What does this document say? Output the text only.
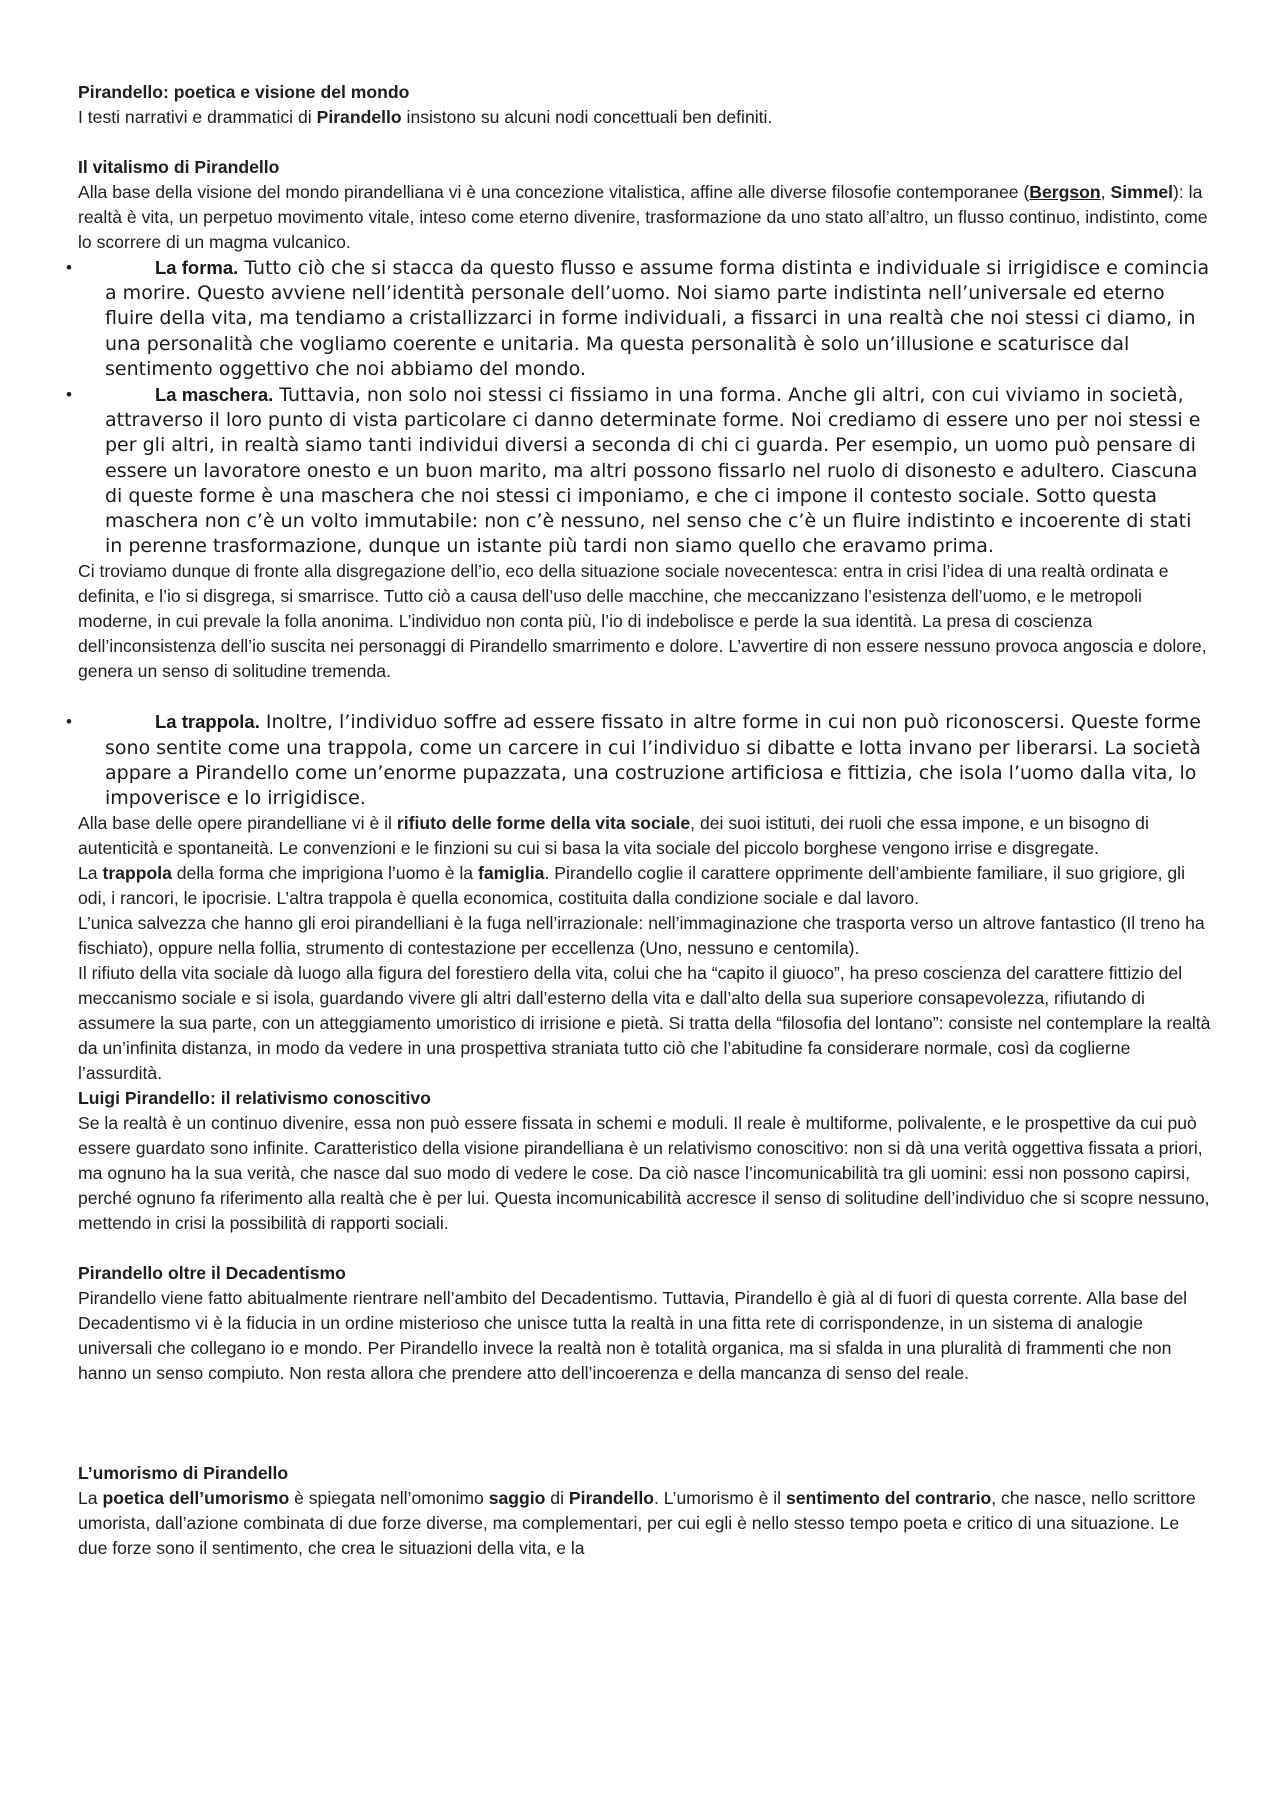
Pirandello: poetica e visione del mondo

I testi narrativi e drammatici di Pirandello insistono su alcuni nodi concettuali ben definiti.

Il vitalismo di Pirandello

Alla base della visione del mondo pirandelliana vi è una concezione vitalistica, affine alle diverse filosofie contemporanee (Bergson, Simmel): la realtà è vita, un perpetuo movimento vitale, inteso come eterno divenire, trasformazione da uno stato all’altro, un flusso continuo, indistinto, come lo scorrere di un magma vulcanico.

•	La forma. Tutto ciò che si stacca da questo flusso e assume forma distinta e individuale si irrigidisce e comincia a morire. Questo avviene nell’identità personale dell’uomo. Noi siamo parte indistinta nell’universale ed eterno fluire della vita, ma tendiamo a cristallizzarci in forme individuali, a fissarci in una realtà che noi stessi ci diamo, in una personalità che vogliamo coerente e unitaria. Ma questa personalità è solo un’illusione e scaturisce dal sentimento oggettivo che noi abbiamo del mondo.
•	La maschera. Tuttavia, non solo noi stessi ci fissiamo in una forma. Anche gli altri, con cui viviamo in società, attraverso il loro punto di vista particolare ci danno determinate forme. Noi crediamo di essere uno per noi stessi e per gli altri, in realtà siamo tanti individui diversi a seconda di chi ci guarda. Per esempio, un uomo può pensare di essere un lavoratore onesto e un buon marito, ma altri possono fissarlo nel ruolo di disonesto e adultero. Ciascuna di queste forme è una maschera che noi stessi ci imponiamo, e che ci impone il contesto sociale. Sotto questa maschera non c’è un volto immutabile: non c’è nessuno, nel senso che c’è un fluire indistinto e incoerente di stati in perenne trasformazione, dunque un istante più tardi non siamo quello che eravamo prima.

Ci troviamo dunque di fronte alla disgregazione dell’io, eco della situazione sociale novecentesca: entra in crisi l’idea di una realtà ordinata e definita, e l’io si disgrega, si smarrisce. Tutto ciò a causa dell’uso delle macchine, che meccanizzano l’esistenza dell’uomo, e le metropoli moderne, in cui prevale la folla anonima. L’individuo non conta più, l’io di indebolisce e perde la sua identità. La presa di coscienza dell’inconsistenza dell’io suscita nei personaggi di Pirandello smarrimento e dolore. L’avvertire di non essere nessuno provoca angoscia e dolore, genera un senso di solitudine tremenda.

•	La trappola. Inoltre, l’individuo soffre ad essere fissato in altre forme in cui non può riconoscersi. Queste forme sono sentite come una trappola, come un carcere in cui l’individuo si dibatte e lotta invano per liberarsi. La società appare a Pirandello come un’enorme pupazzata, una costruzione artificiosa e fittizia, che isola l’uomo dalla vita, lo impoverisce e lo irrigidisce.

Alla base delle opere pirandelliane vi è il rifiuto delle forme della vita sociale, dei suoi istituti, dei ruoli che essa impone, e un bisogno di autenticità e spontaneità. Le convenzioni e le finzioni su cui si basa la vita sociale del piccolo borghese vengono irrise e disgregate.

La trappola della forma che imprigiona l’uomo è la famiglia. Pirandello coglie il carattere opprimente dell’ambiente familiare, il suo grigiore, gli odi, i rancori, le ipocrisie. L’altra trappola è quella economica, costituita dalla condizione sociale e dal lavoro.

L’unica salvezza che hanno gli eroi pirandelliani è la fuga nell’irrazionale: nell’immaginazione che trasporta verso un altrove fantastico (Il treno ha fischiato), oppure nella follia, strumento di contestazione per eccellenza (Uno, nessuno e centomila).

Il rifiuto della vita sociale dà luogo alla figura del forestiero della vita, colui che ha “capito il giuoco”, ha preso coscienza del carattere fittizio del meccanismo sociale e si isola, guardando vivere gli altri dall’esterno della vita e dall’alto della sua superiore consapevolezza, rifiutando di assumere la sua parte, con un atteggiamento umoristico di irrisione e pietà. Si tratta della “filosofia del lontano”: consiste nel contemplare la realtà da un’infinita distanza, in modo da vedere in una prospettiva straniata tutto ciò che l’abitudine fa considerare normale, così da coglierne l’assurdità.

Luigi Pirandello: il relativismo conoscitivo

Se la realtà è un continuo divenire, essa non può essere fissata in schemi e moduli. Il reale è multiforme, polivalente, e le prospettive da cui può essere guardato sono infinite. Caratteristico della visione pirandelliana è un relativismo conoscitivo: non si dà una verità oggettiva fissata a priori, ma ognuno ha la sua verità, che nasce dal suo modo di vedere le cose. Da ciò nasce l’incomunicabilità tra gli uomini: essi non possono capirsi, perché ognuno fa riferimento alla realtà che è per lui. Questa incomunicabilità accresce il senso di solitudine dell’individuo che si scopre nessuno, mettendo in crisi la possibilità di rapporti sociali.

Pirandello oltre il Decadentismo

Pirandello viene fatto abitualmente rientrare nell’ambito del Decadentismo. Tuttavia, Pirandello è già al di fuori di questa corrente. Alla base del Decadentismo vi è la fiducia in un ordine misterioso che unisce tutta la realtà in una fitta rete di corrispondenze, in un sistema di analogie universali che collegano io e mondo. Per Pirandello invece la realtà non è totalità organica, ma si sfalda in una pluralità di frammenti che non hanno un senso compiuto. Non resta allora che prendere atto dell’incoerenza e della mancanza di senso del reale.

L’umorismo di Pirandello

La poetica dell’umorismo è spiegata nell’omonimo saggio di Pirandello. L’umorismo è il sentimento del contrario, che nasce, nello scrittore umorista, dall’azione combinata di due forze diverse, ma complementari, per cui egli è nello stesso tempo poeta e critico di una situazione. Le due forze sono il sentimento, che crea le situazioni della vita, e la
